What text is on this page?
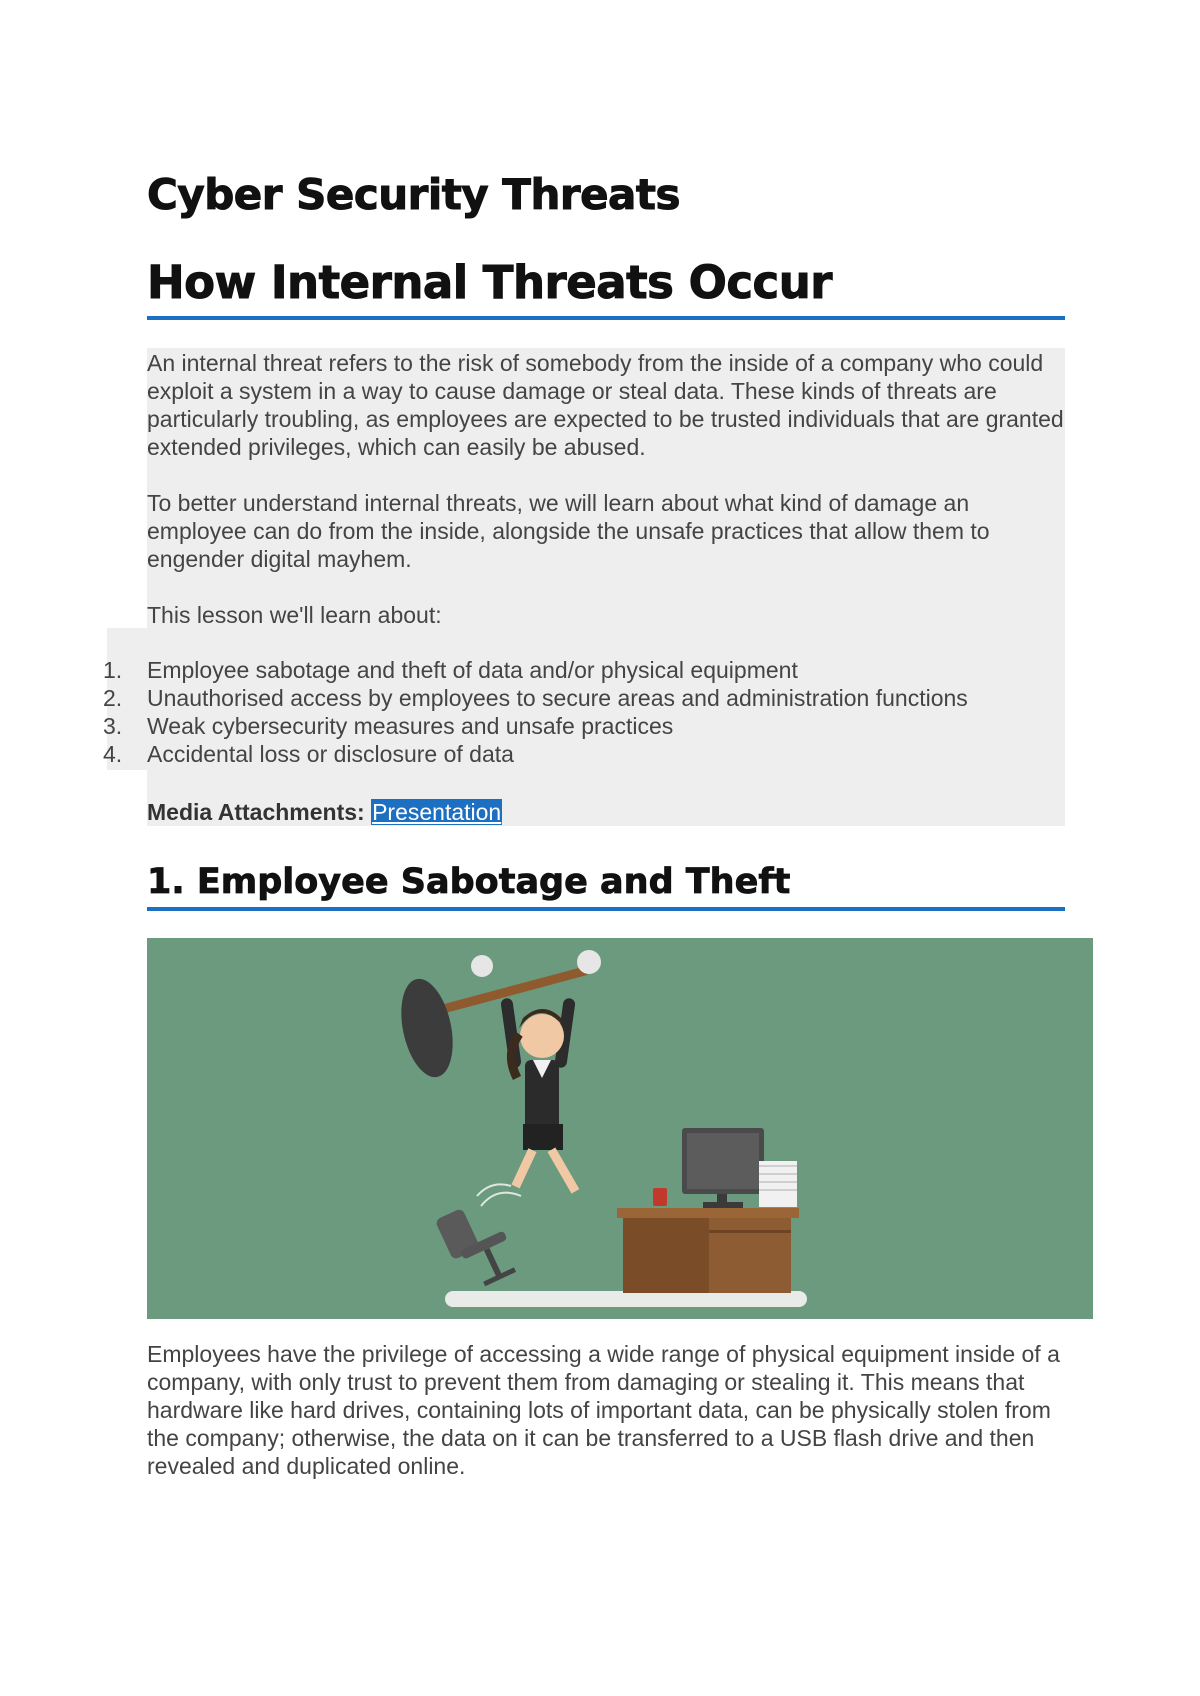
Cyber Security Threats
How Internal Threats Occur

An internal threat refers to the risk of somebody from the inside of a company who could exploit a system in a way to cause damage or steal data. These kinds of threats are particularly troubling, as employees are expected to be trusted individuals that are granted extended privileges, which can easily be abused.

To better understand internal threats, we will learn about what kind of damage an employee can do from the inside, alongside the unsafe practices that allow them to engender digital mayhem.

This lesson we'll learn about:

1.	Employee sabotage and theft of data and/or physical equipment
2.	Unauthorised access by employees to secure areas and administration functions
3.	Weak cybersecurity measures and unsafe practices
4.	Accidental loss or disclosure of data
Media Attachments: Presentation
1. Employee Sabotage and Theft

Employees have the privilege of accessing a wide range of physical equipment inside of a company, with only trust to prevent them from damaging or stealing it. This means that hardware like hard drives, containing lots of important data, can be physically stolen from the company; otherwise, the data on it can be transferred to a USB flash drive and then revealed and duplicated online.
